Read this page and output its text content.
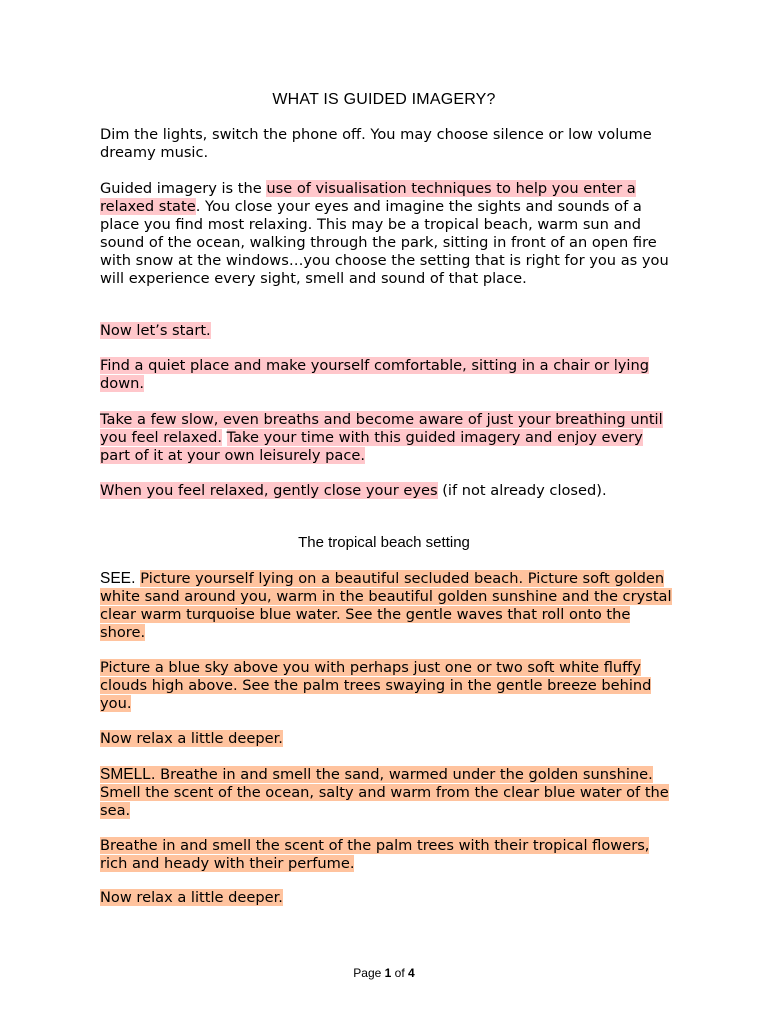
WHAT IS GUIDED IMAGERY?

Dim the lights, switch the phone off. You may choose silence or low volume dreamy music.

Guided imagery is the use of visualisation techniques to help you enter a relaxed state. You close your eyes and imagine the sights and sounds of a place you find most relaxing. This may be a tropical beach, warm sun and sound of the ocean, walking through the park, sitting in front of an open fire with snow at the windows…you choose the setting that is right for you as you will experience every sight, smell and sound of that place.

Now let’s start.

Find a quiet place and make yourself comfortable, sitting in a chair or lying down.

Take a few slow, even breaths and become aware of just your breathing until you feel relaxed. Take your time with this guided imagery and enjoy every part of it at your own leisurely pace.

When you feel relaxed, gently close your eyes (if not already closed).

The tropical beach setting

SEE. Picture yourself lying on a beautiful secluded beach. Picture soft golden white sand around you, warm in the beautiful golden sunshine and the crystal clear warm turquoise blue water. See the gentle waves that roll onto the shore.

Picture a blue sky above you with perhaps just one or two soft white fluffy clouds high above. See the palm trees swaying in the gentle breeze behind you.

Now relax a little deeper.

SMELL. Breathe in and smell the sand, warmed under the golden sunshine. Smell the scent of the ocean, salty and warm from the clear blue water of the sea.

Breathe in and smell the scent of the palm trees with their tropical flowers, rich and heady with their perfume.

Now relax a little deeper.

Page 1 of 4
